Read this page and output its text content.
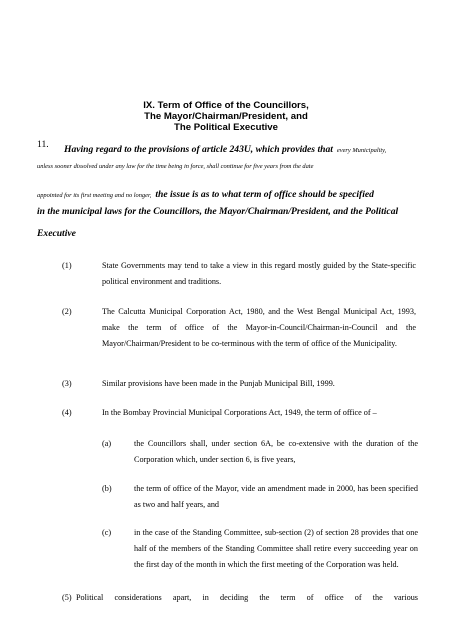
IX. Term of Office of the Councillors,
The Mayor/Chairman/President, and
The Political Executive
11. Having regard to the provisions of article 243U, which provides that every Municipality,
unless sooner dissolved under any law for the time being in force, shall continue for five years from the date
appointed for its first meeting and no longer, the issue is as to what term of office should be specified
in the municipal laws for the Councillors, the Mayor/Chairman/President, and the Political
Executive
(1)	State Governments may tend to take a view in this regard mostly guided by the State-specific political environment and traditions.
(2)	The Calcutta Municipal Corporation Act, 1980, and the West Bengal Municipal Act, 1993, make the term of office of the Mayor-in-Council/Chairman-in-Council and the Mayor/Chairman/President to be co-terminous with the term of office of the Municipality.
(3)	Similar provisions have been made in the Punjab Municipal Bill, 1999.
(4)	In the Bombay Provincial Municipal Corporations Act, 1949, the term of office of –
(a)	the Councillors shall, under section 6A, be co-extensive with the duration of the Corporation which, under section 6, is five years,
(b)	the term of office of the Mayor, vide an amendment made in 2000, has been specified as two and half years, and
(c)	in the case of the Standing Committee, sub-section (2) of section 28 provides that one half of the members of the Standing Committee shall retire every succeeding year on the first day of the month in which the first meeting of the Corporation was held.
(5) Political considerations apart, in deciding the term of office of the various
